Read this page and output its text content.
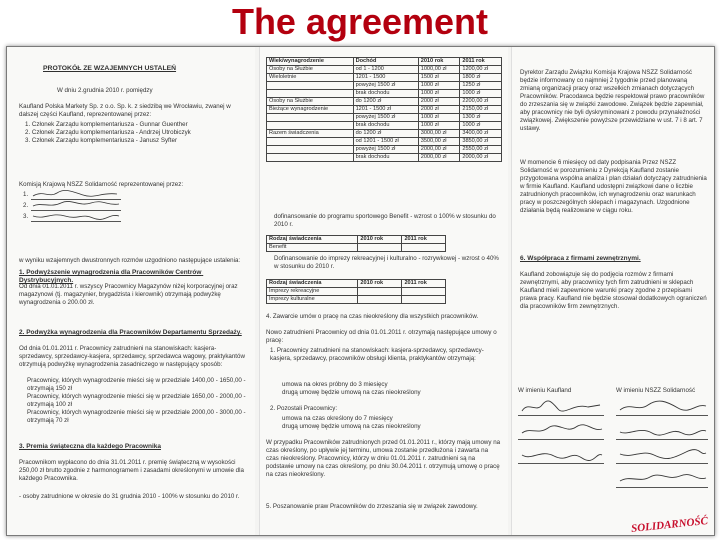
The agreement
PROTOKÓŁ ZE WZAJEMNYCH USTALEŃ
W dniu 2.grudnia 2010 r. pomiędzy
Kaufland Polska Markety Sp. z o.o. Sp. k. z siedzibą we Wrocławiu, zwanej w dalszej części Kaufland, reprezentowanej przez:
1. Członek Zarządu komplementariusza - Gunnar Guenther
2. Członek Zarządu komplementariusza - Andrzej Utrobiczyk
3. Członek Zarządu komplementariusza - Janusz Syfter
Komisją Krajową NSZZ Solidarność reprezentowanej przez:
1.
2.
3.
w wyniku wzajemnych dwustronnych rozmów uzgodniono następujące ustalenia:
1. Podwyższenie wynagrodzenia dla Pracowników Centrów Dystrybucyjnych.
Od dnia 01.01.2011 r. wszyscy Pracownicy Magazynów niżej korporacyjnej oraz magazynowi (tj. magazynier, brygadzista i kierownik) otrzymają podwyżkę wynagrodzenia o 200.00 zł.
2. Podwyżka wynagrodzenia dla Pracowników Departamentu Sprzedaży.
Od dnia 01.01.2011 r. Pracownicy zatrudnieni na stanowiskach: kasjera-sprzedawcy, sprzedawcy-kasjera, sprzedawcy, sprzedawca wagowy, praktykantów otrzymują podwyżkę wynagrodzenia zasadniczego w następujący sposób:
Pracownicy, których wynagrodzenie mieści się w przedziale 1400,00 - 1650,00 - otrzymają 150 zł
Pracownicy, których wynagrodzenie mieści się w przedziale 1650,00 - 2000,00 - otrzymają 100 zł
Pracownicy, których wynagrodzenie mieści się w przedziale 2000,00 - 3000,00 - otrzymają 70 zł
3. Premia świąteczna dla każdego Pracownika
Pracownikom wypłacono do dnia 31.01.2011 r. premię świąteczną w wysokości 250,00 zł brutto zgodnie z harmonogramem i zasadami określonymi w umowie dla każdego Pracownika.
- osoby zatrudnione w okresie do 31 grudnia 2010 - 100% w stosunku do 2010 r.
Wiek/wynagrodzenie	Dochód	2010 rok	2011 rok
Osoby na Służbie	od 1 - 1200	1000,00 zł	1200,00 zł
Wieloletnie	1201 - 1500	1500 zł	1800 zł
	powyżej 1500 zł	1000 zł	1250 zł
	brak dochodu	1000 zł	1000 zł
Osoby na Służbie	do 1200 zł	2000 zł	2200,00 zł
Bieżące wynagrodzenie	1201 - 1500 zł	2000 zł	2150,00 zł
	powyżej 1500 zł	1000 zł	1300 zł
	brak dochodu	1000 zł	1000 zł
Razem świadczenia	do 1200 zł	3000,00 zł	3400,00 zł
	od 1201 - 1500 zł	3500,00 zł	3850,00 zł
	powyżej 1500 zł	2000,00 zł	2550,00 zł
	brak dochodu	2000,00 zł	2000,00 zł
dofinansowanie do programu sportowego Benefit - wzrost o 100% w stosunku do 2010 r.
Rodzaj świadczenia	2010 rok	2011 rok
Benefit		
Dofinansowanie do imprezy rekreacyjnej i kulturalno - rozrywkowej - wzrost o 40% w stosunku do 2010 r.
Rodzaj świadczenia	2010 rok	2011 rok
Imprezy rekreacyjne		
Imprezy kulturalne		
4. Zawarcie umów o pracę na czas nieokreślony dla wszystkich pracowników.
Nowo zatrudnieni Pracownicy od dnia 01.01.2011 r. otrzymają następujące umowy o pracę:
1. Pracownicy zatrudnieni na stanowiskach: kasjera-sprzedawcy, sprzedawcy-kasjera, sprzedawcy, pracowników obsługi klienta, praktykantów otrzymają:
umowa na okres próbny do 3 miesięcy
drugą umowę będzie umową na czas nieokreślony
2. Pozostali Pracownicy:
umowa na czas określony do 7 miesięcy
drugą umowę będzie umową na czas nieokreślony
W przypadku Pracowników zatrudnionych przed 01.01.2011 r., którzy mają umowy na czas określony, po upływie jej terminu, umowa zostanie przedłużona i zawarta na czas nieokreślony. Pracownicy, którzy w dniu 01.01.2011 r. zatrudnieni są na podstawie umowy na czas określony, po dniu 30.04.2011 r. otrzymują umowę o pracę na czas nieokreślony.
5. Poszanowanie praw Pracowników do zrzeszania się w związek zawodowy.
Dyrektor Zarządu Związku Komisja Krajowa NSZZ Solidarność będzie informowany co najmniej 2 tygodnie przed planowaną zmianą organizacji pracy oraz wszelkich zmianach dotyczących Pracowników. Pracodawca będzie respektował prawo pracowników do zrzeszania się w związki zawodowe. Związek będzie zapewniał, aby pracownicy nie byli dyskryminowani z powodu przynależności związkowej. Zwiększenie powyższe przewidziane w ust. 7 i 8 art. 7 ustawy.
W momencie 6 miesięcy od daty podpisania Przez NSZZ Solidarność w porozumieniu z Dyrekcją Kaufland zostanie przygotowana wspólna analiza i plan działań dotyczący zatrudnienia w firmie Kaufland. Kaufland udostępni związkowi dane o liczbie zatrudnionych pracowników, ich wynagrodzeniu oraz warunkach pracy w poszczególnych sklepach i magazynach. Uzgodnione działania będą realizowane w ciągu roku.
6. Współpraca z firmami zewnętrznymi.
Kaufland zobowiązuje się do podjęcia rozmów z firmami zewnętrznymi, aby pracownicy tych firm zatrudnieni w sklepach Kaufland mieli zapewnione warunki pracy zgodne z przepisami prawa pracy. Kaufland nie będzie stosował dodatkowych ograniczeń dla pracowników firm zewnętrznych.
W imieniu Kaufland	W imieniu NSZZ Solidarność
SOLIDARNOŚĆ
